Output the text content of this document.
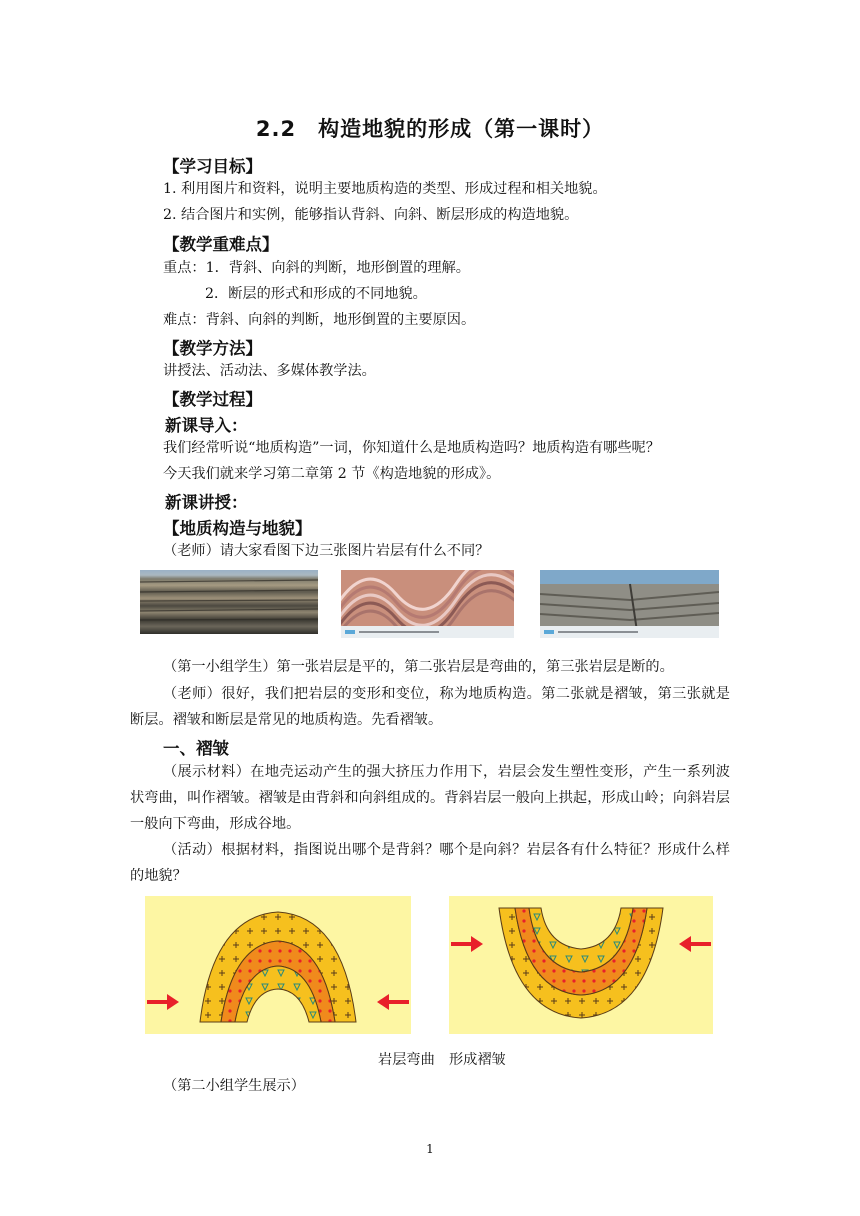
2.2　构造地貌的形成（第一课时）
【学习目标】
1. 利用图片和资料，说明主要地质构造的类型、形成过程和相关地貌。
2. 结合图片和实例，能够指认背斜、向斜、断层形成的构造地貌。
【教学重难点】
重点：1．背斜、向斜的判断，地形倒置的理解。
2．断层的形式和形成的不同地貌。
难点：背斜、向斜的判断，地形倒置的主要原因。
【教学方法】
讲授法、活动法、多媒体教学法。
【教学过程】
新课导入：
我们经常听说“地质构造”一词，你知道什么是地质构造吗？地质构造有哪些呢？
今天我们就来学习第二章第 2 节《构造地貌的形成》。
新课讲授：
【地质构造与地貌】
（老师）请大家看图下边三张图片岩层有什么不同？
（第一小组学生）第一张岩层是平的，第二张岩层是弯曲的，第三张岩层是断的。
（老师）很好，我们把岩层的变形和变位，称为地质构造。第二张就是褶皱，第三张就是断层。褶皱和断层是常见的地质构造。先看褶皱。
一、褶皱
（展示材料）在地壳运动产生的强大挤压力作用下，岩层会发生塑性变形，产生一系列波状弯曲，叫作褶皱。褶皱是由背斜和向斜组成的。背斜岩层一般向上拱起，形成山岭；向斜岩层一般向下弯曲，形成谷地。
（活动）根据材料，指图说出哪个是背斜？哪个是向斜？岩层各有什么特征？形成什么样的地貌？
岩层弯曲　形成褶皱
（第二小组学生展示）
1
